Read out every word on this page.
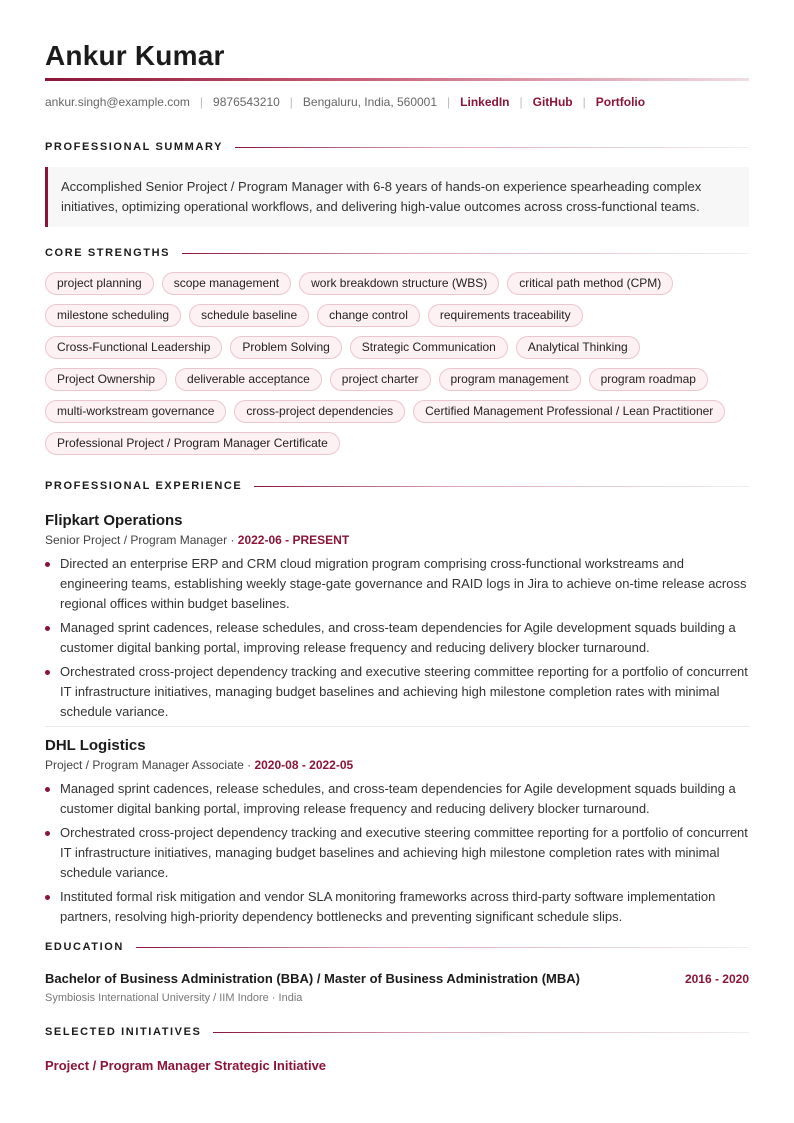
Ankur Kumar
ankur.singh@example.com | 9876543210 | Bengaluru, India, 560001 | LinkedIn | GitHub | Portfolio
PROFESSIONAL SUMMARY
Accomplished Senior Project / Program Manager with 6-8 years of hands-on experience spearheading complex initiatives, optimizing operational workflows, and delivering high-value outcomes across cross-functional teams.
CORE STRENGTHS
project planning	scope management	work breakdown structure (WBS)	critical path method (CPM)
milestone scheduling	schedule baseline	change control	requirements traceability
Cross-Functional Leadership	Problem Solving	Strategic Communication	Analytical Thinking
Project Ownership	deliverable acceptance	project charter	program management	program roadmap
multi-workstream governance	cross-project dependencies	Certified Management Professional / Lean Practitioner
Professional Project / Program Manager Certificate
PROFESSIONAL EXPERIENCE
Flipkart Operations
Senior Project / Program Manager · 2022-06 - PRESENT
Directed an enterprise ERP and CRM cloud migration program comprising cross-functional workstreams and engineering teams, establishing weekly stage-gate governance and RAID logs in Jira to achieve on-time release across regional offices within budget baselines.
Managed sprint cadences, release schedules, and cross-team dependencies for Agile development squads building a customer digital banking portal, improving release frequency and reducing delivery blocker turnaround.
Orchestrated cross-project dependency tracking and executive steering committee reporting for a portfolio of concurrent IT infrastructure initiatives, managing budget baselines and achieving high milestone completion rates with minimal schedule variance.
DHL Logistics
Project / Program Manager Associate · 2020-08 - 2022-05
Managed sprint cadences, release schedules, and cross-team dependencies for Agile development squads building a customer digital banking portal, improving release frequency and reducing delivery blocker turnaround.
Orchestrated cross-project dependency tracking and executive steering committee reporting for a portfolio of concurrent IT infrastructure initiatives, managing budget baselines and achieving high milestone completion rates with minimal schedule variance.
Instituted formal risk mitigation and vendor SLA monitoring frameworks across third-party software implementation partners, resolving high-priority dependency bottlenecks and preventing significant schedule slips.
EDUCATION
Bachelor of Business Administration (BBA) / Master of Business Administration (MBA)	2016 - 2020
Symbiosis International University / IIM Indore · India
SELECTED INITIATIVES
Project / Program Manager Strategic Initiative
